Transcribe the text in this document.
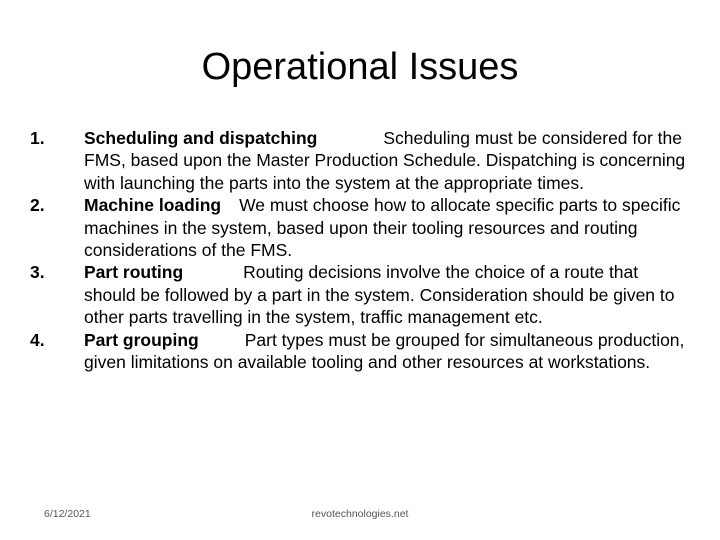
Operational Issues
1.	Scheduling and dispatching	Scheduling must be considered for the FMS, based upon the Master Production Schedule. Dispatching is concerning with launching the parts into the system at the appropriate times.
2.	Machine loading We must choose how to allocate specific parts to specific machines in the system, based upon their tooling resources and routing considerations of the FMS.
3.	Part routing	Routing decisions involve the choice of a route that should be followed by a part in the system. Consideration should be given to other parts travelling in the system, traffic management etc.
4.	Part grouping	Part types must be grouped for simultaneous production, given limitations on available tooling and other resources at workstations.
6/12/2021	revotechnologies.net
